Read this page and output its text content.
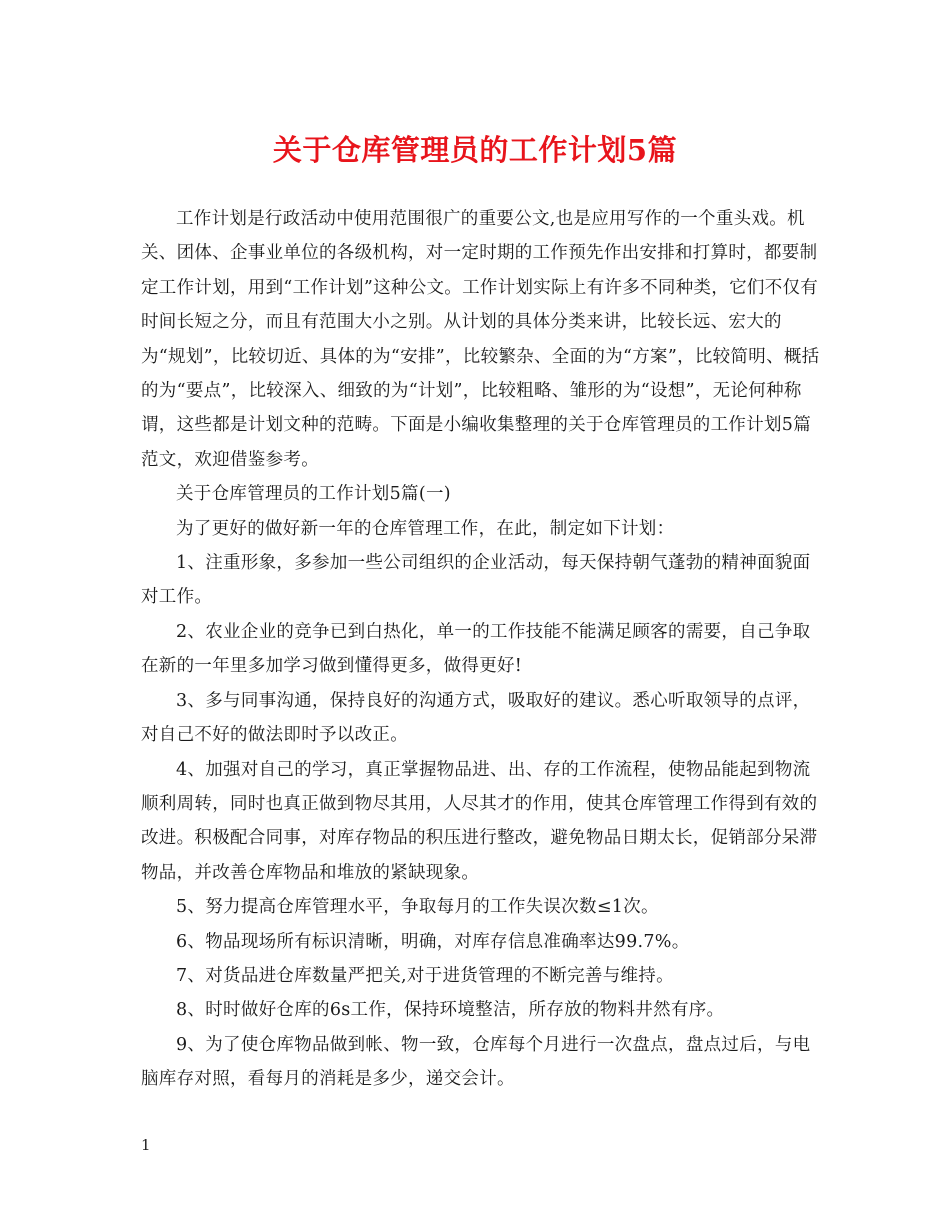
关于仓库管理员的工作计划5篇

工作计划是行政活动中使用范围很广的重要公文,也是应用写作的一个重头戏。机关、团体、企事业单位的各级机构，对一定时期的工作预先作出安排和打算时，都要制定工作计划，用到“工作计划”这种公文。工作计划实际上有许多不同种类，它们不仅有时间长短之分，而且有范围大小之别。从计划的具体分类来讲，比较长远、宏大的为“规划”，比较切近、具体的为“安排”，比较繁杂、全面的为“方案”，比较简明、概括的为“要点”，比较深入、细致的为“计划”，比较粗略、雏形的为“设想”，无论何种称谓，这些都是计划文种的范畴。下面是小编收集整理的关于仓库管理员的工作计划5篇范文，欢迎借鉴参考。

关于仓库管理员的工作计划5篇(一)

为了更好的做好新一年的仓库管理工作，在此，制定如下计划：

1、注重形象，多参加一些公司组织的企业活动，每天保持朝气蓬勃的精神面貌面对工作。

2、农业企业的竞争已到白热化，单一的工作技能不能满足顾客的需要，自己争取在新的一年里多加学习做到懂得更多，做得更好!

3、多与同事沟通，保持良好的沟通方式，吸取好的建议。悉心听取领导的点评，对自己不好的做法即时予以改正。

4、加强对自己的学习，真正掌握物品进、出、存的工作流程，使物品能起到物流顺利周转，同时也真正做到物尽其用，人尽其才的作用，使其仓库管理工作得到有效的改进。积极配合同事，对库存物品的积压进行整改，避免物品日期太长，促销部分呆滞物品，并改善仓库物品和堆放的紧缺现象。

5、努力提高仓库管理水平，争取每月的工作失误次数≤1次。

6、物品现场所有标识清晰，明确，对库存信息准确率达99.7%。

7、对货品进仓库数量严把关,对于进货管理的不断完善与维持。

8、时时做好仓库的6s工作，保持环境整洁，所存放的物料井然有序。

9、为了使仓库物品做到帐、物一致，仓库每个月进行一次盘点，盘点过后，与电脑库存对照，看每月的消耗是多少，递交会计。

1
